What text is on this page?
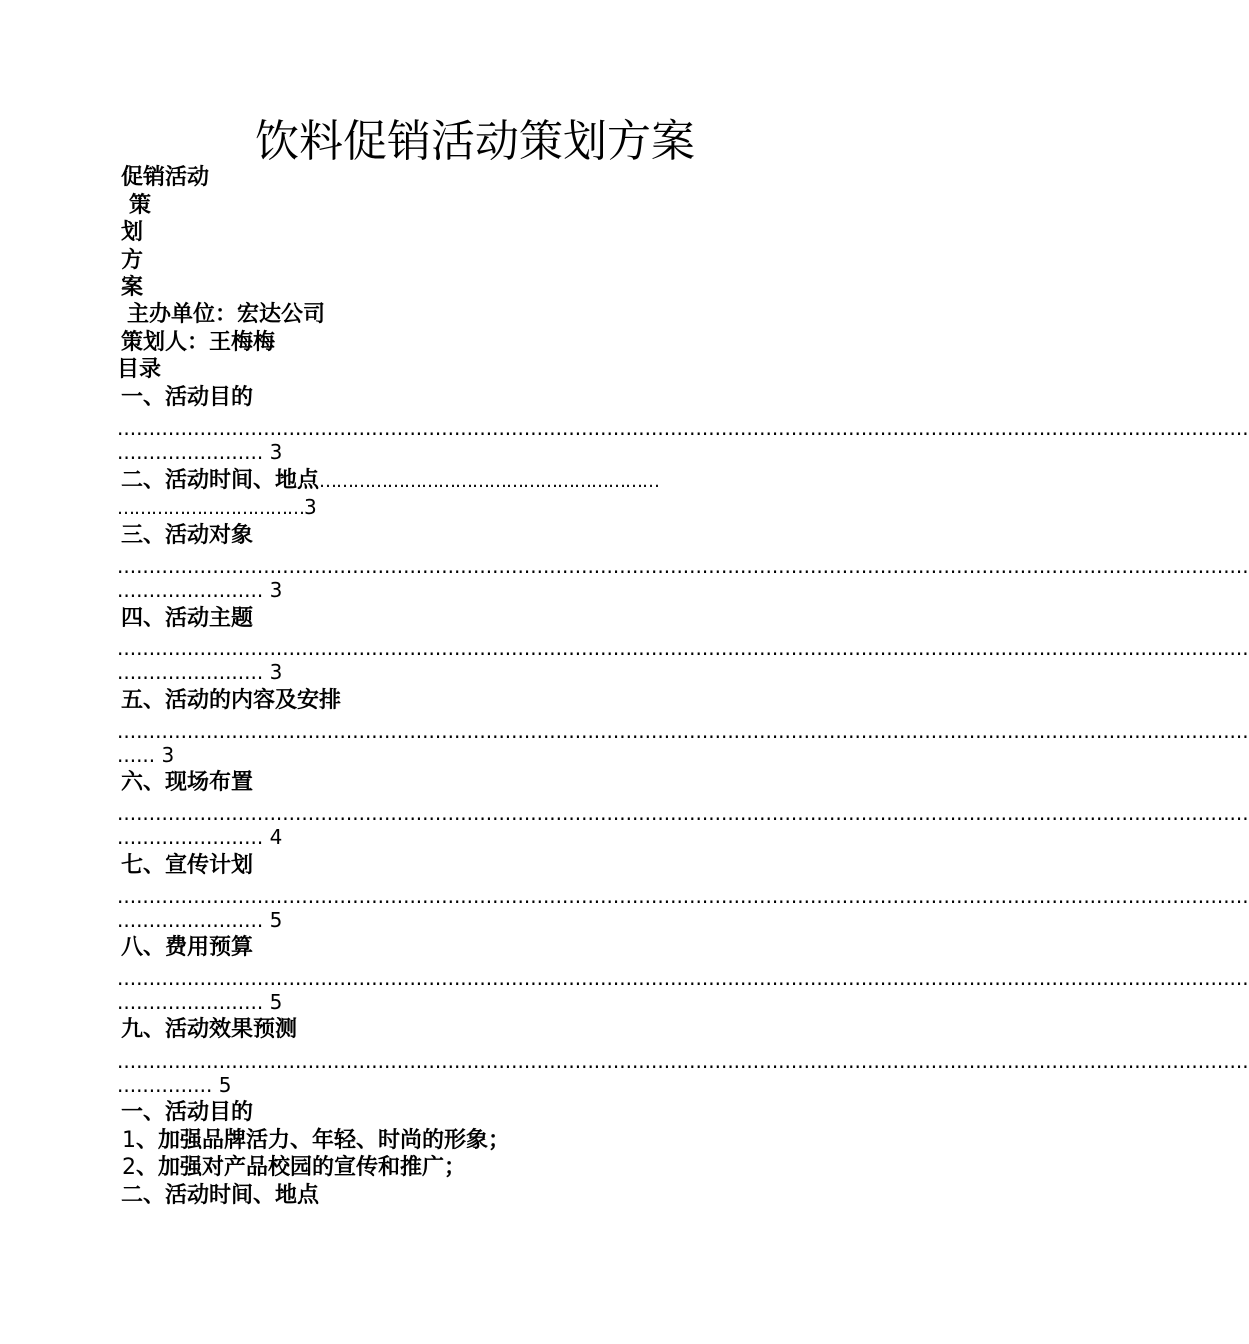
饮料促销活动策划方案
促销活动
策
划
方
案
主办单位：宏达公司
策划人：王梅梅
目录
一、活动目的
..................................................................................................................................................................................
....................... 3
二、活动时间、地点……………………………………………………
……………………………3
三、活动对象
..................................................................................................................................................................................
....................... 3
四、活动主题
..................................................................................................................................................................................
....................... 3
五、活动的内容及安排
..................................................................................................................................................................................
...... 3
六、现场布置
..................................................................................................................................................................................
....................... 4
七、宣传计划
..................................................................................................................................................................................
....................... 5
八、费用预算
..................................................................................................................................................................................
....................... 5
九、活动效果预测
..................................................................................................................................................................................
............... 5
一、活动目的
1、加强品牌活力、年轻、时尚的形象；
2、加强对产品校园的宣传和推广；
二、活动时间、地点
